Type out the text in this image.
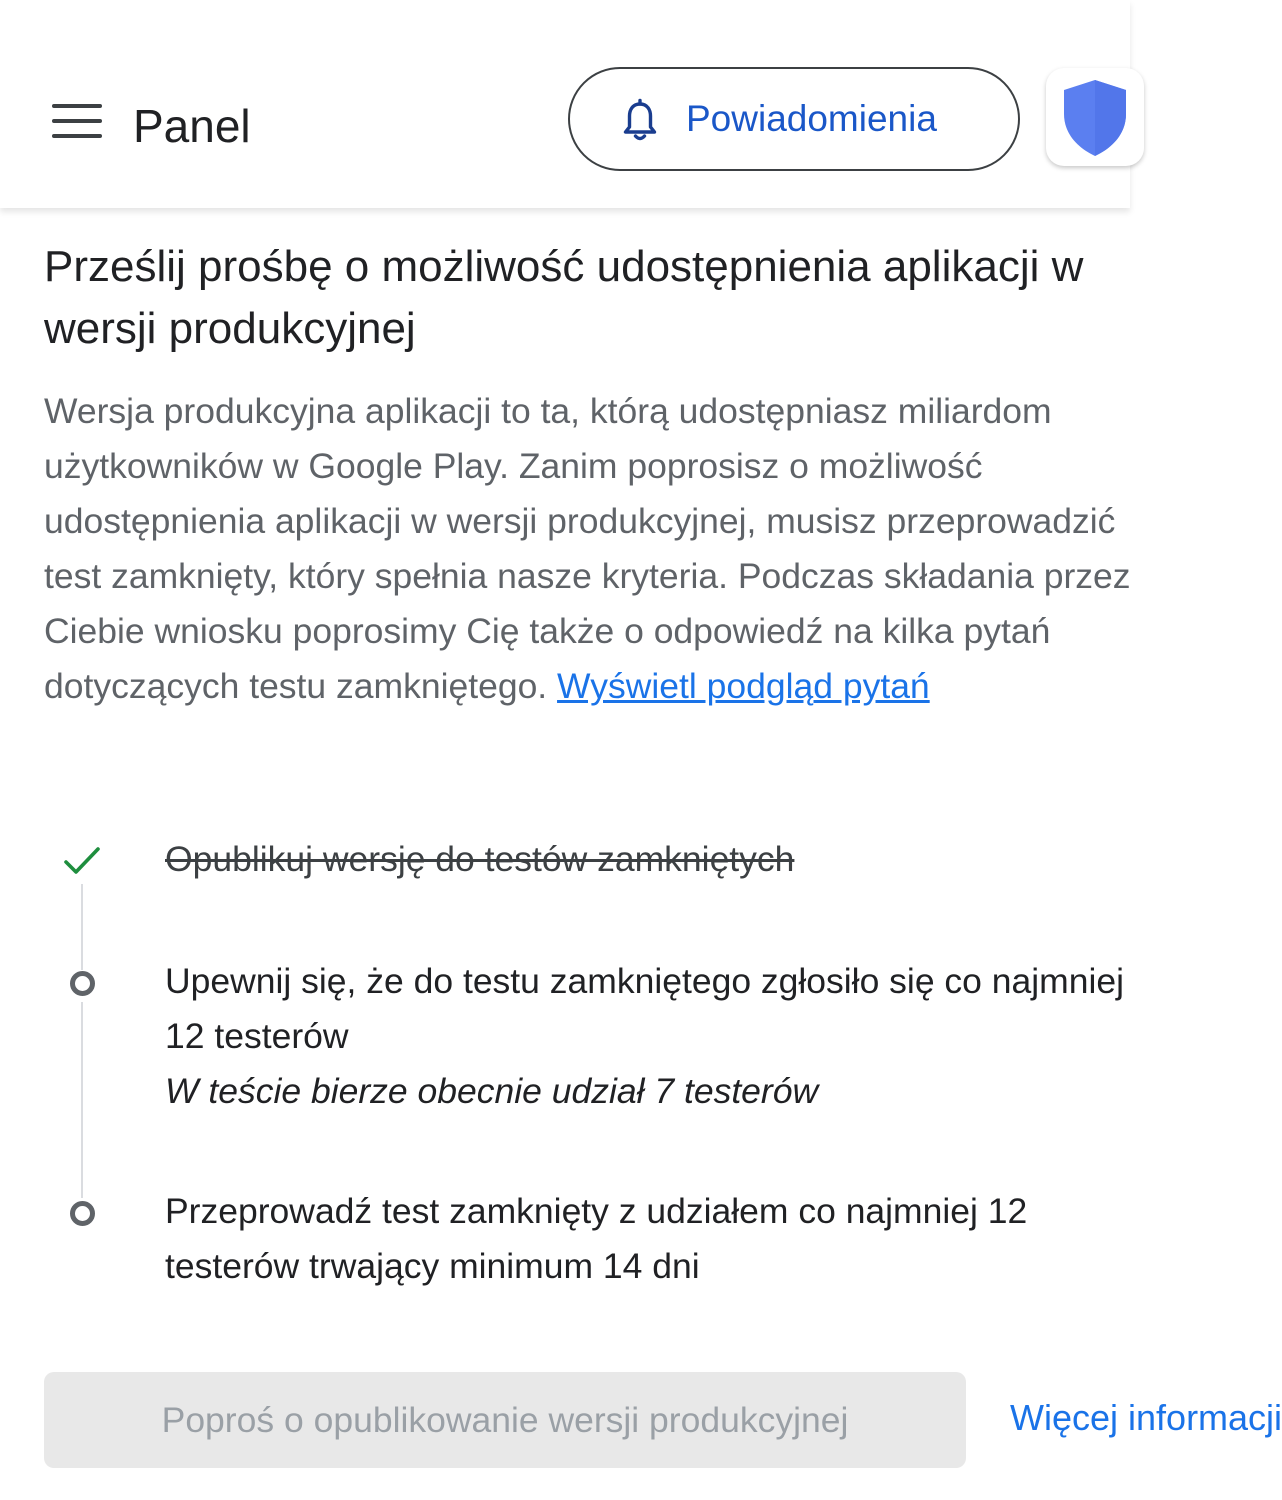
Panel	Powiadomienia
Prześlij prośbę o możliwość udostępnienia aplikacji w wersji produkcyjnej

Wersja produkcyjna aplikacji to ta, którą udostępniasz miliardom użytkowników w Google Play. Zanim poprosisz o możliwość udostępnienia aplikacji w wersji produkcyjnej, musisz przeprowadzić test zamknięty, który spełnia nasze kryteria. Podczas składania przez Ciebie wniosku poprosimy Cię także o odpowiedź na kilka pytań dotyczących testu zamkniętego. Wyświetl podgląd pytań

Opublikuj wersję do testów zamkniętych
Upewnij się, że do testu zamkniętego zgłosiło się co najmniej 12 testerów
W teście bierze obecnie udział 7 testerów
Przeprowadź test zamknięty z udziałem co najmniej 12 testerów trwający minimum 14 dni
Poproś o opublikowanie wersji produkcyjnej	Więcej informacji
